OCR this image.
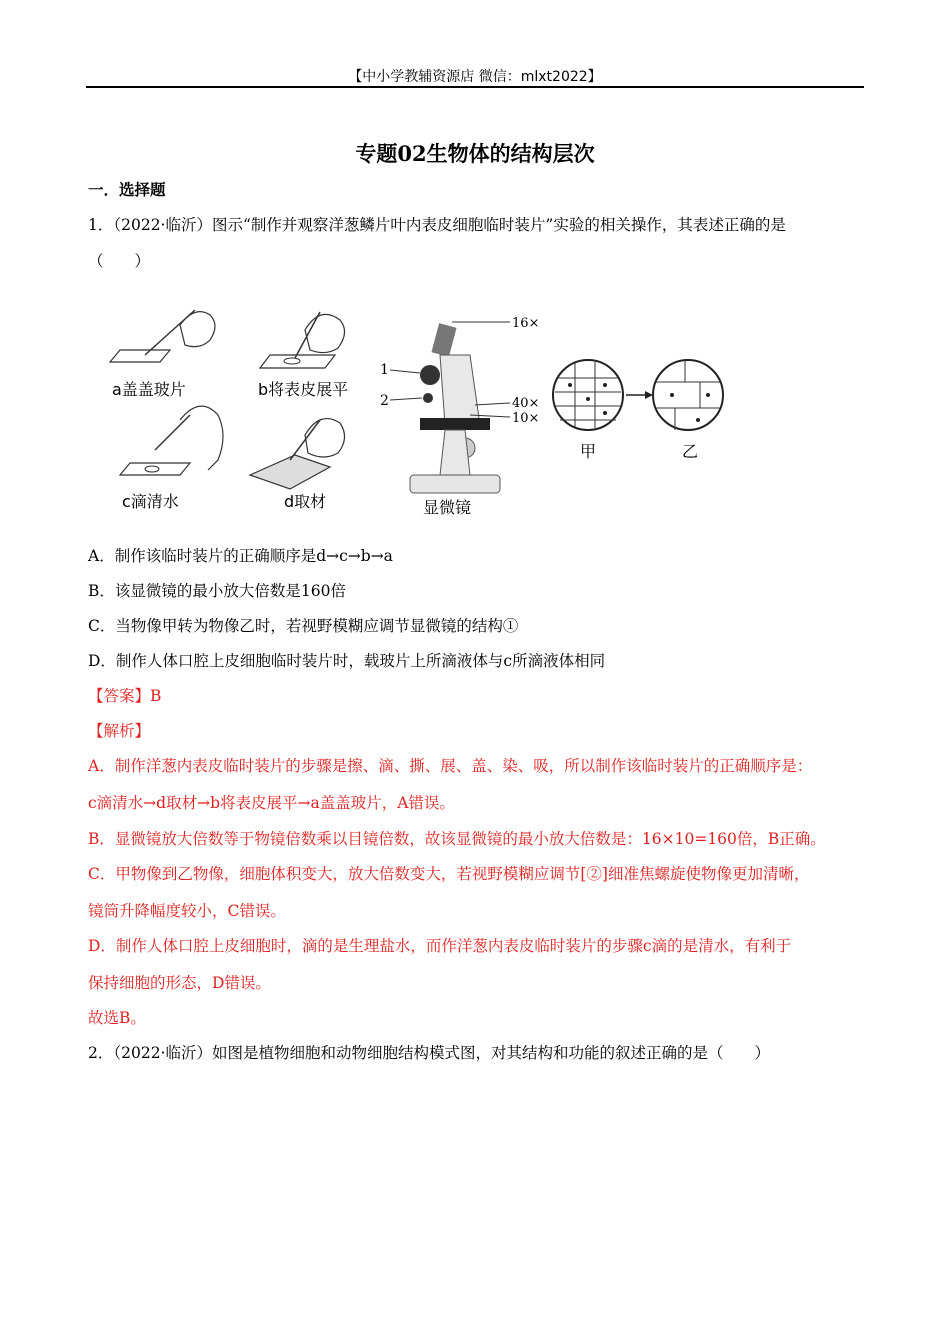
【中小学教辅资源店 微信：mlxt2022】
专题02生物体的结构层次
一．选择题
1．（2022·临沂）图示“制作并观察洋葱鳞片叶内表皮细胞临时装片”实验的相关操作，其表述正确的是
（　　）
a盖盖玻片	b将表皮展平
c滴清水	d取材
16×
1
2	40×
10×
显微镜
甲	乙
A．制作该临时装片的正确顺序是d→c→b→a
B．该显微镜的最小放大倍数是160倍
C．当物像甲转为物像乙时，若视野模糊应调节显微镜的结构①
D．制作人体口腔上皮细胞临时装片时，载玻片上所滴液体与c所滴液体相同
【答案】B
【解析】
A．制作洋葱内表皮临时装片的步骤是擦、滴、撕、展、盖、染、吸，所以制作该临时装片的正确顺序是：
c滴清水→d取材→b将表皮展平→a盖盖玻片，A错误。
B．显微镜放大倍数等于物镜倍数乘以目镜倍数，故该显微镜的最小放大倍数是：16×10=160倍，B正确。
C．甲物像到乙物像，细胞体积变大，放大倍数变大，若视野模糊应调节[②]细准焦螺旋使物像更加清晰，
镜筒升降幅度较小，C错误。
D．制作人体口腔上皮细胞时，滴的是生理盐水，而作洋葱内表皮临时装片的步骤c滴的是清水，有利于
保持细胞的形态，D错误。
故选B。
2．（2022·临沂）如图是植物细胞和动物细胞结构模式图，对其结构和功能的叙述正确的是（　　）
